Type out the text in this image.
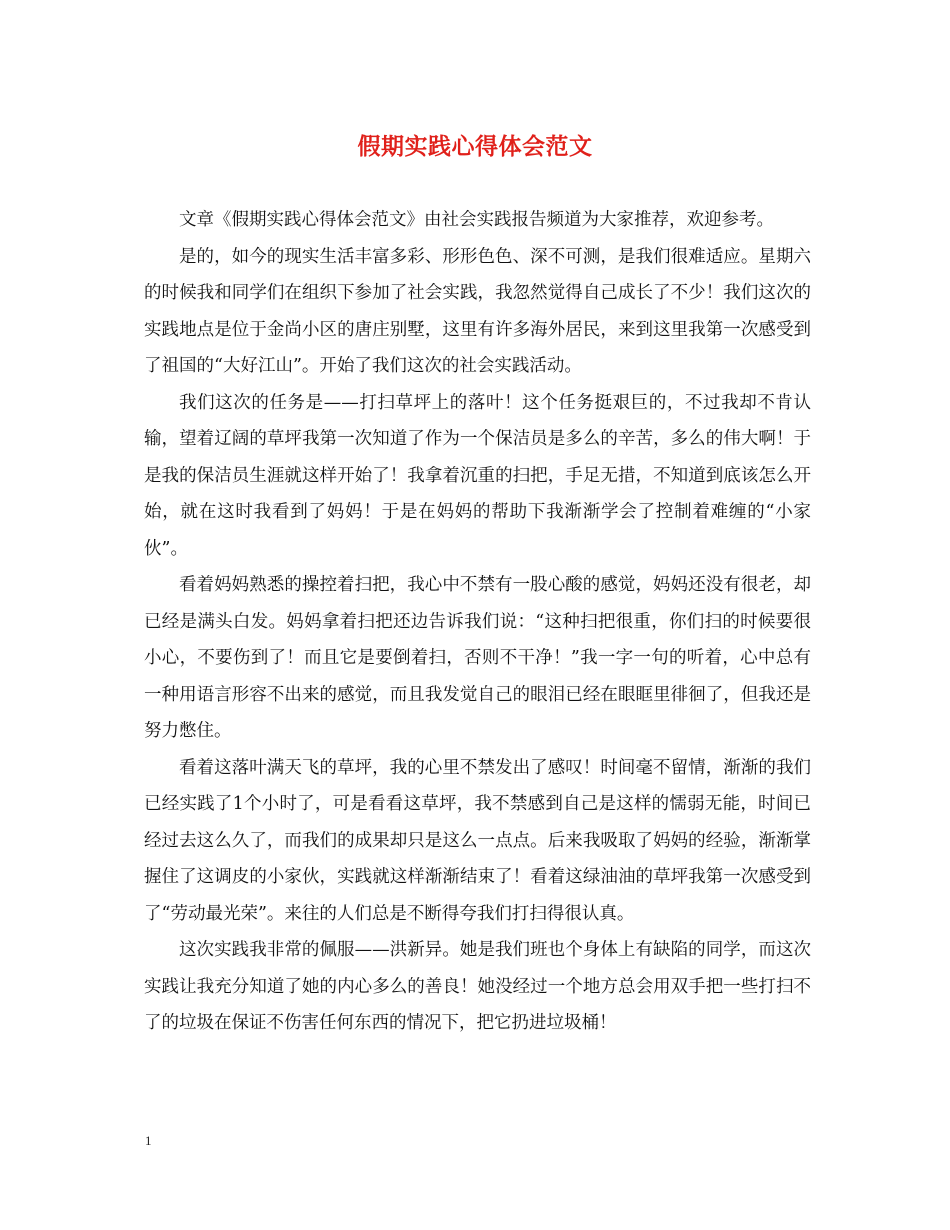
假期实践心得体会范文

文章《假期实践心得体会范文》由社会实践报告频道为大家推荐，欢迎参考。

是的，如今的现实生活丰富多彩、形形色色、深不可测，是我们很难适应。星期六的时候我和同学们在组织下参加了社会实践，我忽然觉得自己成长了不少！我们这次的实践地点是位于金尚小区的唐庄别墅，这里有许多海外居民，来到这里我第一次感受到了祖国的“大好江山”。开始了我们这次的社会实践活动。

我们这次的任务是——打扫草坪上的落叶！这个任务挺艰巨的，不过我却不肯认输，望着辽阔的草坪我第一次知道了作为一个保洁员是多么的辛苦，多么的伟大啊！于是我的保洁员生涯就这样开始了！我拿着沉重的扫把，手足无措，不知道到底该怎么开始，就在这时我看到了妈妈！于是在妈妈的帮助下我渐渐学会了控制着难缠的“小家伙”。

看着妈妈熟悉的操控着扫把，我心中不禁有一股心酸的感觉，妈妈还没有很老，却已经是满头白发。妈妈拿着扫把还边告诉我们说：“这种扫把很重，你们扫的时候要很小心，不要伤到了！而且它是要倒着扫，否则不干净！”我一字一句的听着，心中总有一种用语言形容不出来的感觉，而且我发觉自己的眼泪已经在眼眶里徘徊了，但我还是努力憋住。

看着这落叶满天飞的草坪，我的心里不禁发出了感叹！时间毫不留情，渐渐的我们已经实践了1个小时了，可是看看这草坪，我不禁感到自己是这样的懦弱无能，时间已经过去这么久了，而我们的成果却只是这么一点点。后来我吸取了妈妈的经验，渐渐掌握住了这调皮的小家伙，实践就这样渐渐结束了！看着这绿油油的草坪我第一次感受到了“劳动最光荣”。来往的人们总是不断得夸我们打扫得很认真。

这次实践我非常的佩服——洪新异。她是我们班也个身体上有缺陷的同学，而这次实践让我充分知道了她的内心多么的善良！她没经过一个地方总会用双手把一些打扫不了的垃圾在保证不伤害任何东西的情况下，把它扔进垃圾桶！

1
